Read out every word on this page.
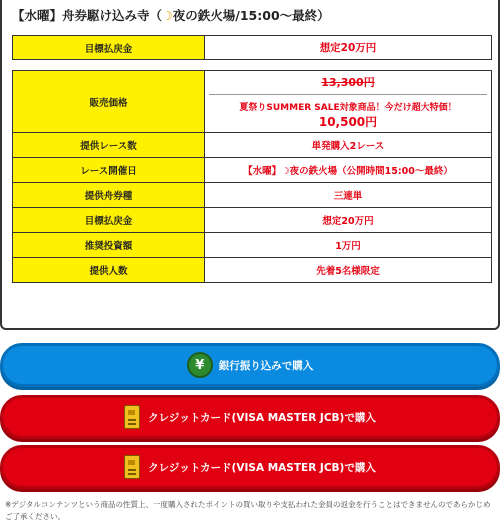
【水曜】舟券駆け込み寺（☽夜の鉄火場/15:00〜最終）
目標払戻金	想定20万円
販売価格	13,300円
夏祭りSUMMER SALE対象商品！今だけ超大特価！
10,500円

提供レース数	単発購入2レース
レース開催日	【水曜】☽夜の鉄火場（公開時間15:00〜最終）
提供舟券種	三連単
目標払戻金	想定20万円
推奨投資額	1万円
提供人数	先着5名様限定
¥	銀行振り込みで購入
クレジットカード(VISA MASTER JCB)で購入
クレジットカード(VISA MASTER JCB)で購入
※デジタルコンテンツという商品の性質上、一度購入されたポイントの買い取りや支払われた金員の返金を行うことはできませんのであらかじめご了承ください。
